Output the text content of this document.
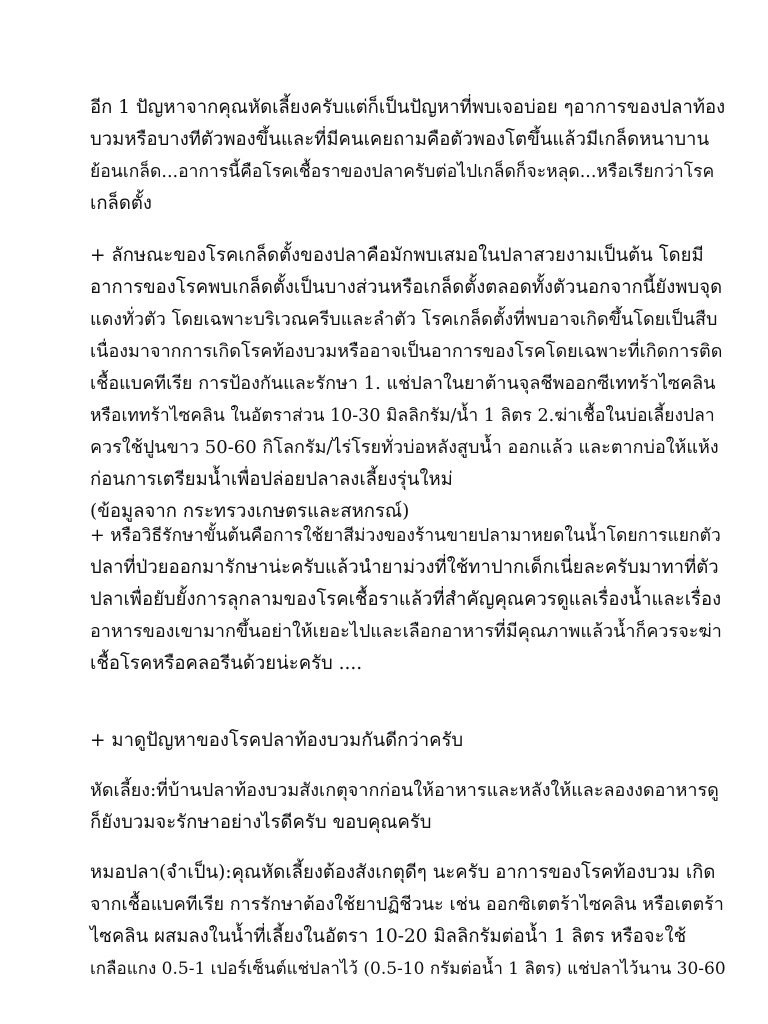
อีก 1 ปัญหาจากคุณหัดเลี้ยงครับแต่ก็เป็นปัญหาที่พบเจอบ่อย ๆอาการของปลาท้อง
บวมหรือบางทีตัวพองขึ้นและที่มีคนเคยถามคือตัวพองโตขึ้นแล้วมีเกล็ดหนาบาน
ย้อนเกล็ด...อาการนี้คือโรคเชื้อราของปลาครับต่อไปเกล็ดก็จะหลุด...หรือเรียกว่าโรค
เกล็ดตั้ง
+ ลักษณะของโรคเกล็ดตั้งของปลาคือมักพบเสมอในปลาสวยงามเป็นต้น โดยมี
อาการของโรคพบเกล็ดตั้งเป็นบางส่วนหรือเกล็ดตั้งตลอดทั้งตัวนอกจากนี้ยังพบจุด
แดงทั่วตัว โดยเฉพาะบริเวณครีบและลำตัว โรคเกล็ดตั้งที่พบอาจเกิดขึ้นโดยเป็นสืบ
เนื่องมาจากการเกิดโรคท้องบวมหรืออาจเป็นอาการของโรคโดยเฉพาะที่เกิดการติด
เชื้อแบคทีเรีย การป้องกันและรักษา 1. แช่ปลาในยาต้านจุลชีพออกซีเททร้าไซคลิน
หรือเททร้าไซคลิน ในอัตราส่วน 10-30 มิลลิกรัม/น้ำ 1 ลิตร 2.ฆ่าเชื้อในบ่อเลี้ยงปลา
ควรใช้ปูนขาว 50-60 กิโลกรัม/ไร่โรยทั่วบ่อหลังสูบน้ำ ออกแล้ว และตากบ่อให้แห้ง
ก่อนการเตรียมน้ำเพื่อปล่อยปลาลงเลี้ยงรุ่นใหม่
(ข้อมูลจาก กระทรวงเกษตรและสหกรณ์)
+ หรือวิธีรักษาขั้นต้นคือการใช้ยาสีม่วงของร้านขายปลามาหยดในน้ำโดยการแยกตัว
ปลาที่ป่วยออกมารักษาน่ะครับแล้วนำยาม่วงที่ใช้ทาปากเด็กเนี่ยละครับมาทาที่ตัว
ปลาเพื่อยับยั้งการลุกลามของโรคเชื้อราแล้วที่สำคัญคุณควรดูแลเรื่องน้ำและเรื่อง
อาหารของเขามากขึ้นอย่าให้เยอะไปและเลือกอาหารที่มีคุณภาพแล้วน้ำก็ควรจะฆ่า
เชื้อโรคหรือคลอรีนด้วยน่ะครับ ....
+ มาดูปัญหาของโรคปลาท้องบวมกันดีกว่าครับ
หัดเลี้ยง:ที่บ้านปลาท้องบวมสังเกตุจากก่อนให้อาหารและหลังให้และลองงดอาหารดู
ก็ยังบวมจะรักษาอย่างไรดีครับ ขอบคุณครับ
หมอปลา(จำเป็น):คุณหัดเลี้ยงต้องสังเกตุดีๆ นะครับ อาการของโรคท้องบวม เกิด
จากเชื้อแบคทีเรีย การรักษาต้องใช้ยาปฏิชีวนะ เช่น ออกซิเตตร้าไซคลิน หรือเตตร้า
ไซคลิน ผสมลงในน้ำที่เลี้ยงในอัตรา 10-20 มิลลิกรัมต่อน้ำ 1 ลิตร หรือจะใช้
เกลือแกง 0.5-1 เปอร์เซ็นต์แช่ปลาไว้ (0.5-10 กรัมต่อน้ำ 1 ลิตร) แช่ปลาไว้นาน 30-60
